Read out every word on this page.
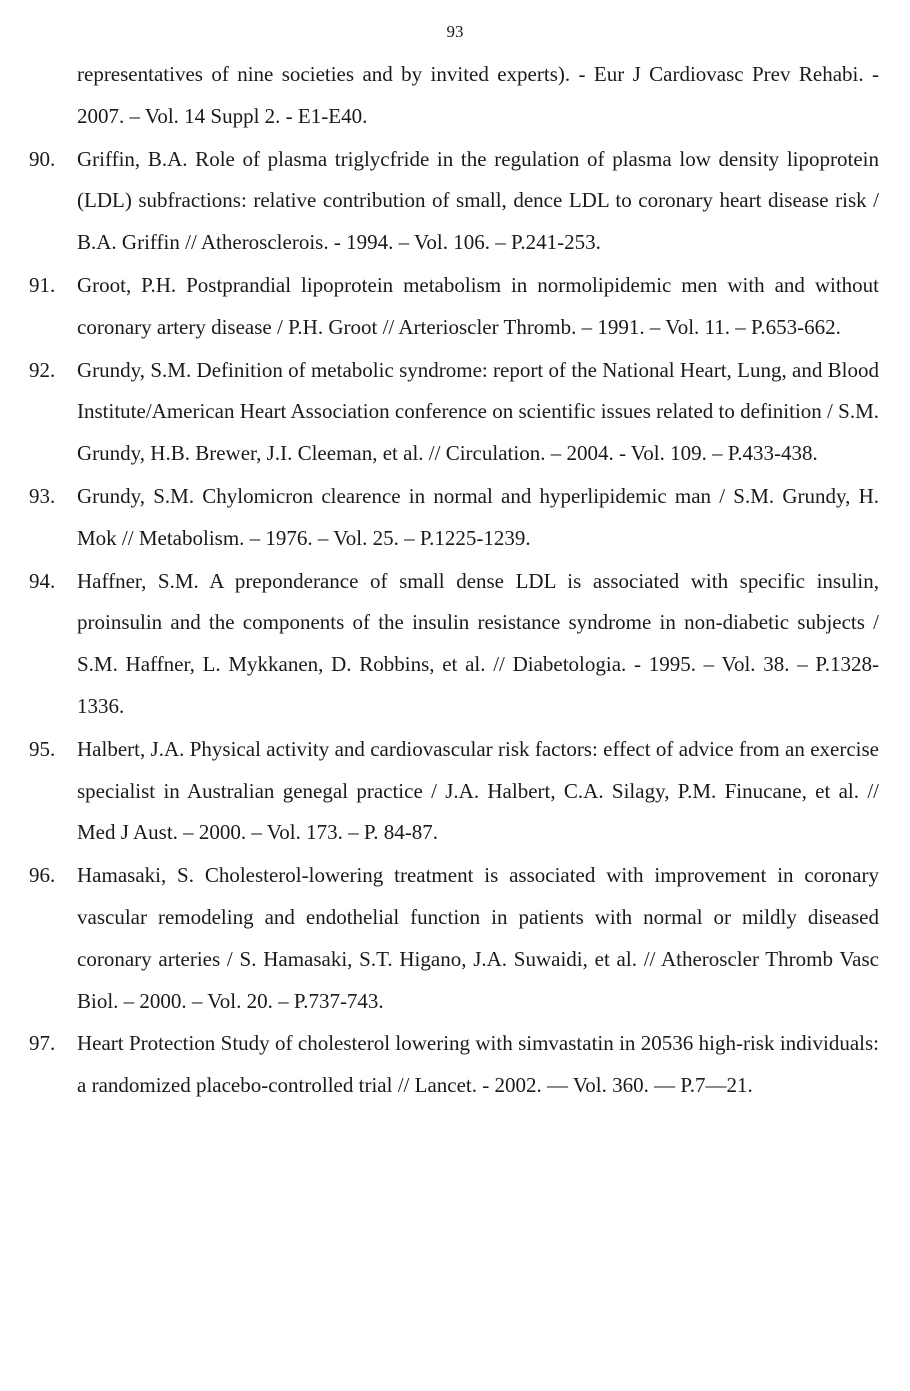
93
representatives of nine societies and by invited experts). - Eur J Cardiovasc Prev Rehabi. - 2007. – Vol. 14 Suppl 2. - E1-E40.
90.	Griffin, B.A. Role of plasma triglycfride in the regulation of plasma low density lipoprotein (LDL) subfractions: relative contribution of small, dence LDL to coronary heart disease risk / B.A. Griffin // Atherosclerois. - 1994. – Vol. 106. – P.241-253.
91.	Groot, P.H. Postprandial lipoprotein metabolism in normolipidemic men with and without coronary artery disease / P.H. Groot // Arterioscler Thromb. – 1991. – Vol. 11. – P.653-662.
92.	Grundy, S.M. Definition of metabolic syndrome: report of the National Heart, Lung, and Blood Institute/American Heart Association conference on scientific issues related to definition / S.M. Grundy, H.B. Brewer, J.I. Cleeman, et al. // Circulation. – 2004. - Vol. 109. – P.433-438.
93.	Grundy, S.M. Chylomicron clearence in normal and hyperlipidemic man / S.M. Grundy, H. Mok // Metabolism. – 1976. – Vol. 25. – P.1225-1239.
94.	Haffner, S.M. A preponderance of small dense LDL is associated with specific insulin, proinsulin and the components of the insulin resistance syndrome in non-diabetic subjects / S.M. Haffner, L. Mykkanen, D. Robbins, et al. // Diabetologia. - 1995. – Vol. 38. – P.1328-1336.
95.	Halbert, J.A. Physical activity and cardiovascular risk factors: effect of advice from an exercise specialist in Australian genegal practice / J.A. Halbert, C.A. Silagy, P.M. Finucane, et al. // Med J Aust. – 2000. – Vol. 173. – P. 84-87.
96.	Hamasaki, S. Cholesterol-lowering treatment is associated with improvement in coronary vascular remodeling and endothelial function in patients with normal or mildly diseased coronary arteries / S. Hamasaki, S.T. Higano, J.A. Suwaidi, et al. // Atheroscler Thromb Vasc Biol. – 2000. – Vol. 20. – P.737-743.
97.	Heart Protection Study of cholesterol lowering with simvastatin in 20536 high-risk individuals: a randomized placebo-controlled trial // Lancet. - 2002. — Vol. 360. — P.7—21.
